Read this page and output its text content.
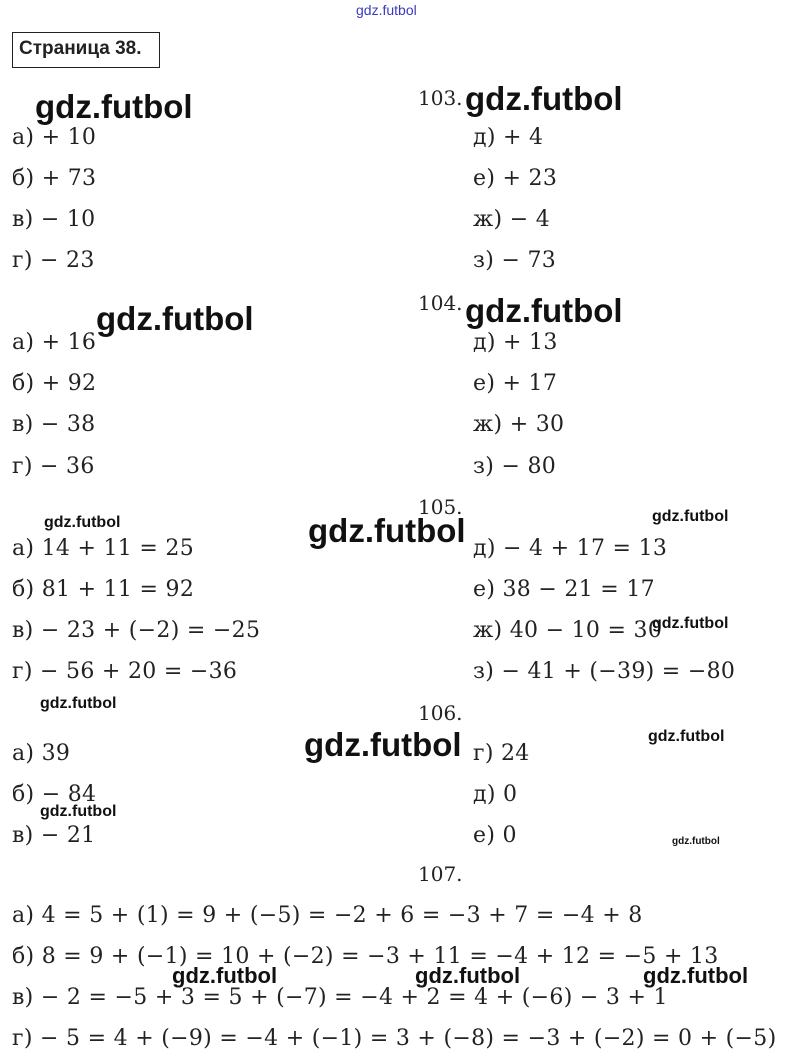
gdz.futbol
Страница 38.
103.
а) + 10
б) + 73
в) − 10
г) − 23
д) + 4
е) + 23
ж) − 4
з) − 73
104.
а) + 16
б) + 92
в) − 38
г) − 36
д) + 13
е) + 17
ж) + 30
з) − 80
105.
а) 14 + 11 = 25
б) 81 + 11 = 92
в) − 23 + (−2) = −25
г) − 56 + 20 = −36
д) − 4 + 17 = 13
е) 38 − 21 = 17
ж) 40 − 10 = 30
з) − 41 + (−39) = −80
106.
а) 39
б) − 84
в) − 21
г) 24
д) 0
е) 0
107.
а) 4 = 5 + (1) = 9 + (−5) = −2 + 6 = −3 + 7 = −4 + 8
б) 8 = 9 + (−1) = 10 + (−2) = −3 + 11 = −4 + 12 = −5 + 13
в) − 2 = −5 + 3 = 5 + (−7) = −4 + 2 = 4 + (−6) − 3 + 1
г) − 5 = 4 + (−9) = −4 + (−1) = 3 + (−8) = −3 + (−2) = 0 + (−5)
gdz.futbol	gdz.futbol
gdz.futbol	gdz.futbol
gdz.futbol
gdz.futbol
gdz.futbol	gdz.futbol
gdz.futbol
gdz.futbol
gdz.futbol
gdz.futbol
gdz.futbol
gdz.futbol	gdz.futbol	gdz.futbol
